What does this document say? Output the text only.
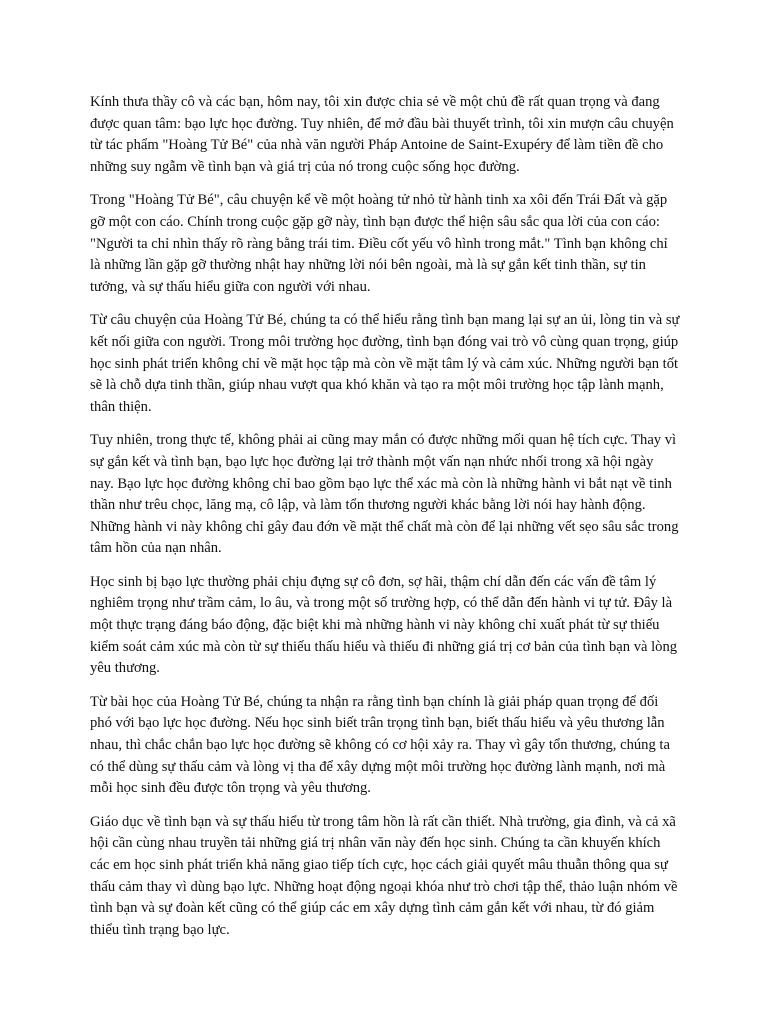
Kính thưa thầy cô và các bạn, hôm nay, tôi xin được chia sẻ về một chủ đề rất quan trọng và đang được quan tâm: bạo lực học đường. Tuy nhiên, để mở đầu bài thuyết trình, tôi xin mượn câu chuyện từ tác phẩm "Hoàng Tử Bé" của nhà văn người Pháp Antoine de Saint-Exupéry để làm tiền đề cho những suy ngẫm về tình bạn và giá trị của nó trong cuộc sống học đường.

Trong "Hoàng Tử Bé", câu chuyện kể về một hoàng tử nhỏ từ hành tinh xa xôi đến Trái Đất và gặp gỡ một con cáo. Chính trong cuộc gặp gỡ này, tình bạn được thể hiện sâu sắc qua lời của con cáo: "Người ta chỉ nhìn thấy rõ ràng bằng trái tim. Điều cốt yếu vô hình trong mắt." Tình bạn không chỉ là những lần gặp gỡ thường nhật hay những lời nói bên ngoài, mà là sự gắn kết tinh thần, sự tin tưởng, và sự thấu hiểu giữa con người với nhau.

Từ câu chuyện của Hoàng Tử Bé, chúng ta có thể hiểu rằng tình bạn mang lại sự an ủi, lòng tin và sự kết nối giữa con người. Trong môi trường học đường, tình bạn đóng vai trò vô cùng quan trọng, giúp học sinh phát triển không chỉ về mặt học tập mà còn về mặt tâm lý và cảm xúc. Những người bạn tốt sẽ là chỗ dựa tinh thần, giúp nhau vượt qua khó khăn và tạo ra một môi trường học tập lành mạnh, thân thiện.

Tuy nhiên, trong thực tế, không phải ai cũng may mắn có được những mối quan hệ tích cực. Thay vì sự gắn kết và tình bạn, bạo lực học đường lại trở thành một vấn nạn nhức nhối trong xã hội ngày nay. Bạo lực học đường không chỉ bao gồm bạo lực thể xác mà còn là những hành vi bắt nạt về tinh thần như trêu chọc, lăng mạ, cô lập, và làm tổn thương người khác bằng lời nói hay hành động. Những hành vi này không chỉ gây đau đớn về mặt thể chất mà còn để lại những vết sẹo sâu sắc trong tâm hồn của nạn nhân.

Học sinh bị bạo lực thường phải chịu đựng sự cô đơn, sợ hãi, thậm chí dẫn đến các vấn đề tâm lý nghiêm trọng như trầm cảm, lo âu, và trong một số trường hợp, có thể dẫn đến hành vi tự tử. Đây là một thực trạng đáng báo động, đặc biệt khi mà những hành vi này không chỉ xuất phát từ sự thiếu kiểm soát cảm xúc mà còn từ sự thiếu thấu hiểu và thiếu đi những giá trị cơ bản của tình bạn và lòng yêu thương.

Từ bài học của Hoàng Tử Bé, chúng ta nhận ra rằng tình bạn chính là giải pháp quan trọng để đối phó với bạo lực học đường. Nếu học sinh biết trân trọng tình bạn, biết thấu hiểu và yêu thương lẫn nhau, thì chắc chắn bạo lực học đường sẽ không có cơ hội xảy ra. Thay vì gây tổn thương, chúng ta có thể dùng sự thấu cảm và lòng vị tha để xây dựng một môi trường học đường lành mạnh, nơi mà mỗi học sinh đều được tôn trọng và yêu thương.

Giáo dục về tình bạn và sự thấu hiểu từ trong tâm hồn là rất cần thiết. Nhà trường, gia đình, và cả xã hội cần cùng nhau truyền tải những giá trị nhân văn này đến học sinh. Chúng ta cần khuyến khích các em học sinh phát triển khả năng giao tiếp tích cực, học cách giải quyết mâu thuẫn thông qua sự thấu cảm thay vì dùng bạo lực. Những hoạt động ngoại khóa như trò chơi tập thể, thảo luận nhóm về tình bạn và sự đoàn kết cũng có thể giúp các em xây dựng tình cảm gắn kết với nhau, từ đó giảm thiểu tình trạng bạo lực.
